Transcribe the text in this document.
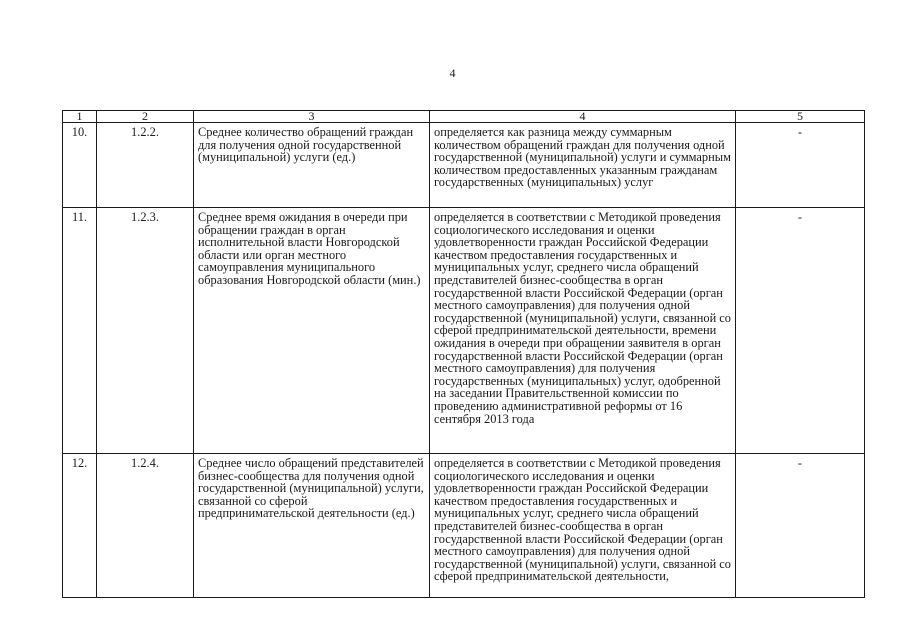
4
1	2	3	4	5
10.	1.2.2.	Среднее количество обращений граждан для получения одной государственной (муниципальной) услуги (ед.)	определяется как разница между суммарным количеством обращений граждан для получения одной государственной (муниципальной) услуги и суммарным количеством предоставленных указанным гражданам государственных (муниципальных) услуг	-
11.	1.2.3.	Среднее время ожидания в очереди при обращении граждан в орган исполнительной власти Новгородской области или орган местного самоуправления муниципального образования Новгородской области (мин.)	определяется в соответствии с Методикой проведения социологического исследования и оценки удовлетворенности граждан Российской Федерации качеством предоставления государственных и муниципальных услуг, среднего числа обращений представителей бизнес-сообщества в орган государственной власти Российской Федерации (орган местного самоуправления) для получения одной государственной (муниципальной) услуги, связанной со сферой предпринимательской деятельности, времени ожидания в очереди при обращении заявителя в орган государственной власти Российской Федерации (орган местного самоуправления) для получения государственных (муниципальных) услуг, одобренной на заседании Правительственной комиссии по проведению административной реформы от 16 сентября 2013 года	-
12.	1.2.4.	Среднее число обращений представителей бизнес-сообщества для получения одной государственной (муниципальной) услуги, связанной со сферой предпринимательской деятельности (ед.)	определяется в соответствии с Методикой проведения социологического исследования и оценки удовлетворенности граждан Российской Федерации качеством предоставления государственных и муниципальных услуг, среднего числа обращений представителей бизнес-сообщества в орган государственной власти Российской Федерации (орган местного самоуправления) для получения одной государственной (муниципальной) услуги, связанной со сферой предпринимательской деятельности,	-
